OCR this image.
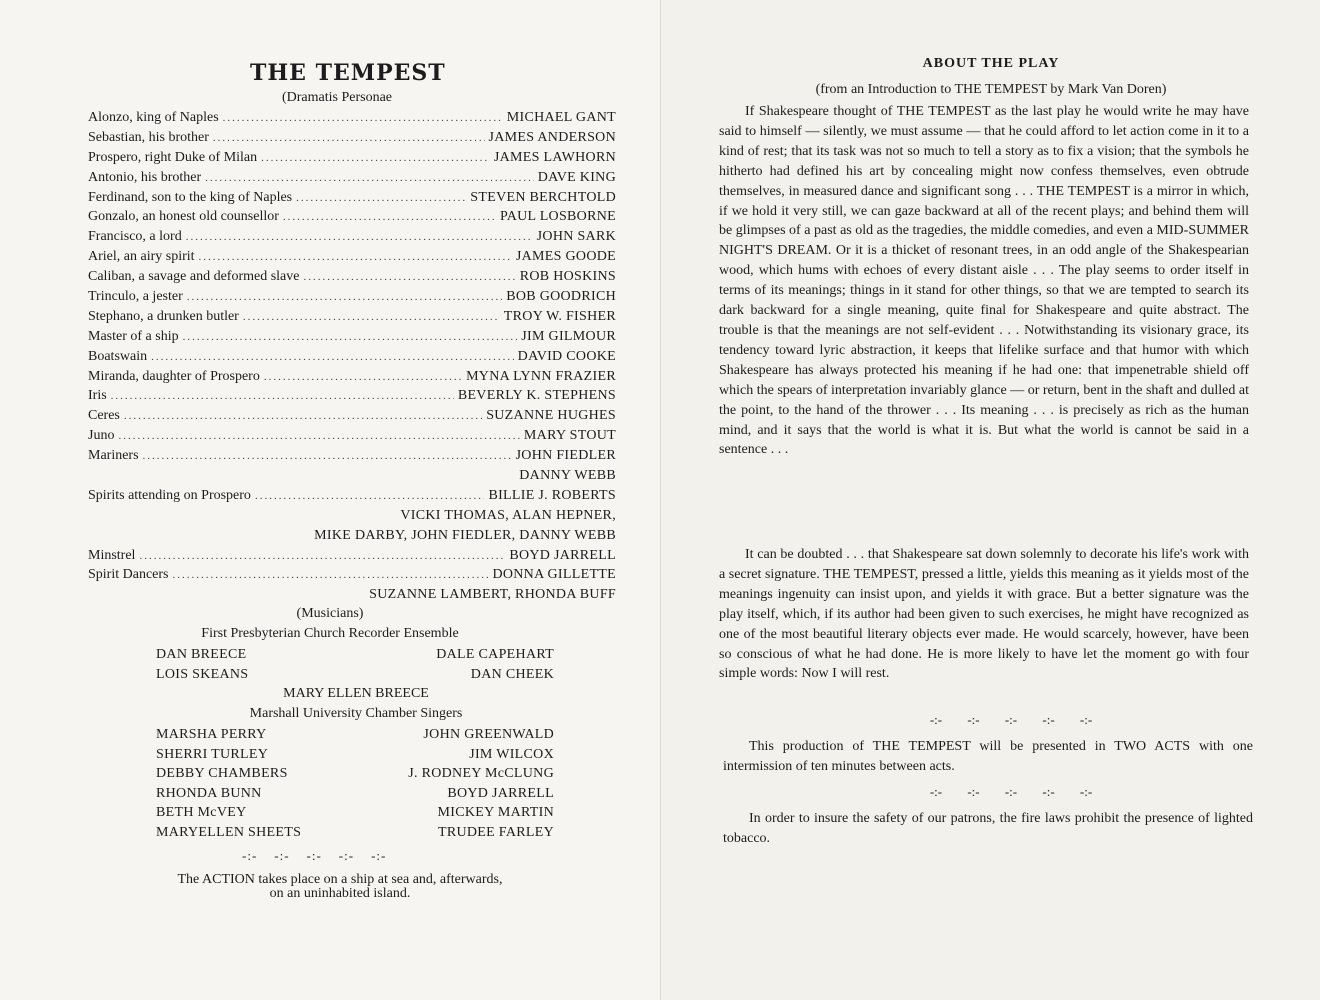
THE TEMPEST
(Dramatis Personae
Alonzo, king of Naples .....	MICHAEL GANT
Sebastian, his brother .....	JAMES ANDERSON
Prospero, right Duke of Milan .....	JAMES LAWHORN
Antonio, his brother .....	DAVE KING
Ferdinand, son to the king of Naples .....	STEVEN BERCHTOLD
Gonzalo, an honest old counsellor .....	PAUL LOSBORNE
Francisco, a lord .....	JOHN SARK
Ariel, an airy spirit .....	JAMES GOODE
Caliban, a savage and deformed slave .....	ROB HOSKINS
Trinculo, a jester .....	BOB GOODRICH
Stephano, a drunken butler .....	TROY W. FISHER
Master of a ship .....	JIM GILMOUR
Boatswain .....	DAVID COOKE
Miranda, daughter of Prospero .....	MYNA LYNN FRAZIER
Iris .....	BEVERLY K. STEPHENS
Ceres .....	SUZANNE HUGHES
Juno .....	MARY STOUT
Mariners .....	JOHN FIEDLER
DANNY WEBB
Spirits attending on Prospero .....	BILLIE J. ROBERTS
VICKI THOMAS, ALAN HEPNER,
MIKE DARBY, JOHN FIEDLER, DANNY WEBB
Minstrel .....	BOYD JARRELL
Spirit Dancers .....	DONNA GILLETTE
SUZANNE LAMBERT, RHONDA BUFF
(Musicians)
First Presbyterian Church Recorder Ensemble
DAN BREECE	DALE CAPEHART
LOIS SKEANS	DAN CHEEK
MARY ELLEN BREECE
Marshall University Chamber Singers
MARSHA PERRY	JOHN GREENWALD
SHERRI TURLEY	JIM WILCOX
DEBBY CHAMBERS	J. RODNEY McCLUNG
RHONDA BUNN	BOYD JARRELL
BETH McVEY	MICKEY MARTIN
MARYELLEN SHEETS	TRUDEE FARLEY
-:-    -:-    -:-    -:-    -:-
The ACTION takes place on a ship at sea and, afterwards,
on an uninhabited island.
ABOUT THE PLAY
(from an Introduction to THE TEMPEST by Mark Van Doren)

If Shakespeare thought of THE TEMPEST as the last play he would write he may have said to himself — silently, we must assume — that he could afford to let action come in it to a kind of rest; that its task was not so much to tell a story as to fix a vision; that the symbols he hitherto had defined his art by concealing might now confess themselves, even obtrude themselves, in measured dance and significant song . . . THE TEMPEST is a mirror in which, if we hold it very still, we can gaze backward at all of the recent plays; and behind them will be glimpses of a past as old as the tragedies, the middle comedies, and even a MID-SUMMER NIGHT'S DREAM. Or it is a thicket of resonant trees, in an odd angle of the Shakespearian wood, which hums with echoes of every distant aisle . . . The play seems to order itself in terms of its meanings; things in it stand for other things, so that we are tempted to search its dark backward for a single meaning, quite final for Shakespeare and quite abstract. The trouble is that the meanings are not self-evident . . . Notwithstanding its visionary grace, its tendency toward lyric abstraction, it keeps that lifelike surface and that humor with which Shakespeare has always protected his meaning if he had one: that impenetrable shield off which the spears of interpretation invariably glance — or return, bent in the shaft and dulled at the point, to the hand of the thrower . . . Its meaning . . . is precisely as rich as the human mind, and it says that the world is what it is. But what the world is cannot be said in a sentence . . .

It can be doubted . . . that Shakespeare sat down solemnly to decorate his life's work with a secret signature. THE TEMPEST, pressed a little, yields this meaning as it yields most of the meanings ingenuity can insist upon, and yields it with grace. But a better signature was the play itself, which, if its author had been given to such exercises, he might have recognized as one of the most beautiful literary objects ever made. He would scarcely, however, have been so conscious of what he had done. He is more likely to have let the moment go with four simple words: Now I will rest.

-:- -:- -:- -:- -:-

This production of THE TEMPEST will be presented in TWO ACTS with one intermission of ten minutes between acts.

-:- -:- -:- -:- -:-

In order to insure the safety of our patrons, the fire laws prohibit the presence of lighted tobacco.
